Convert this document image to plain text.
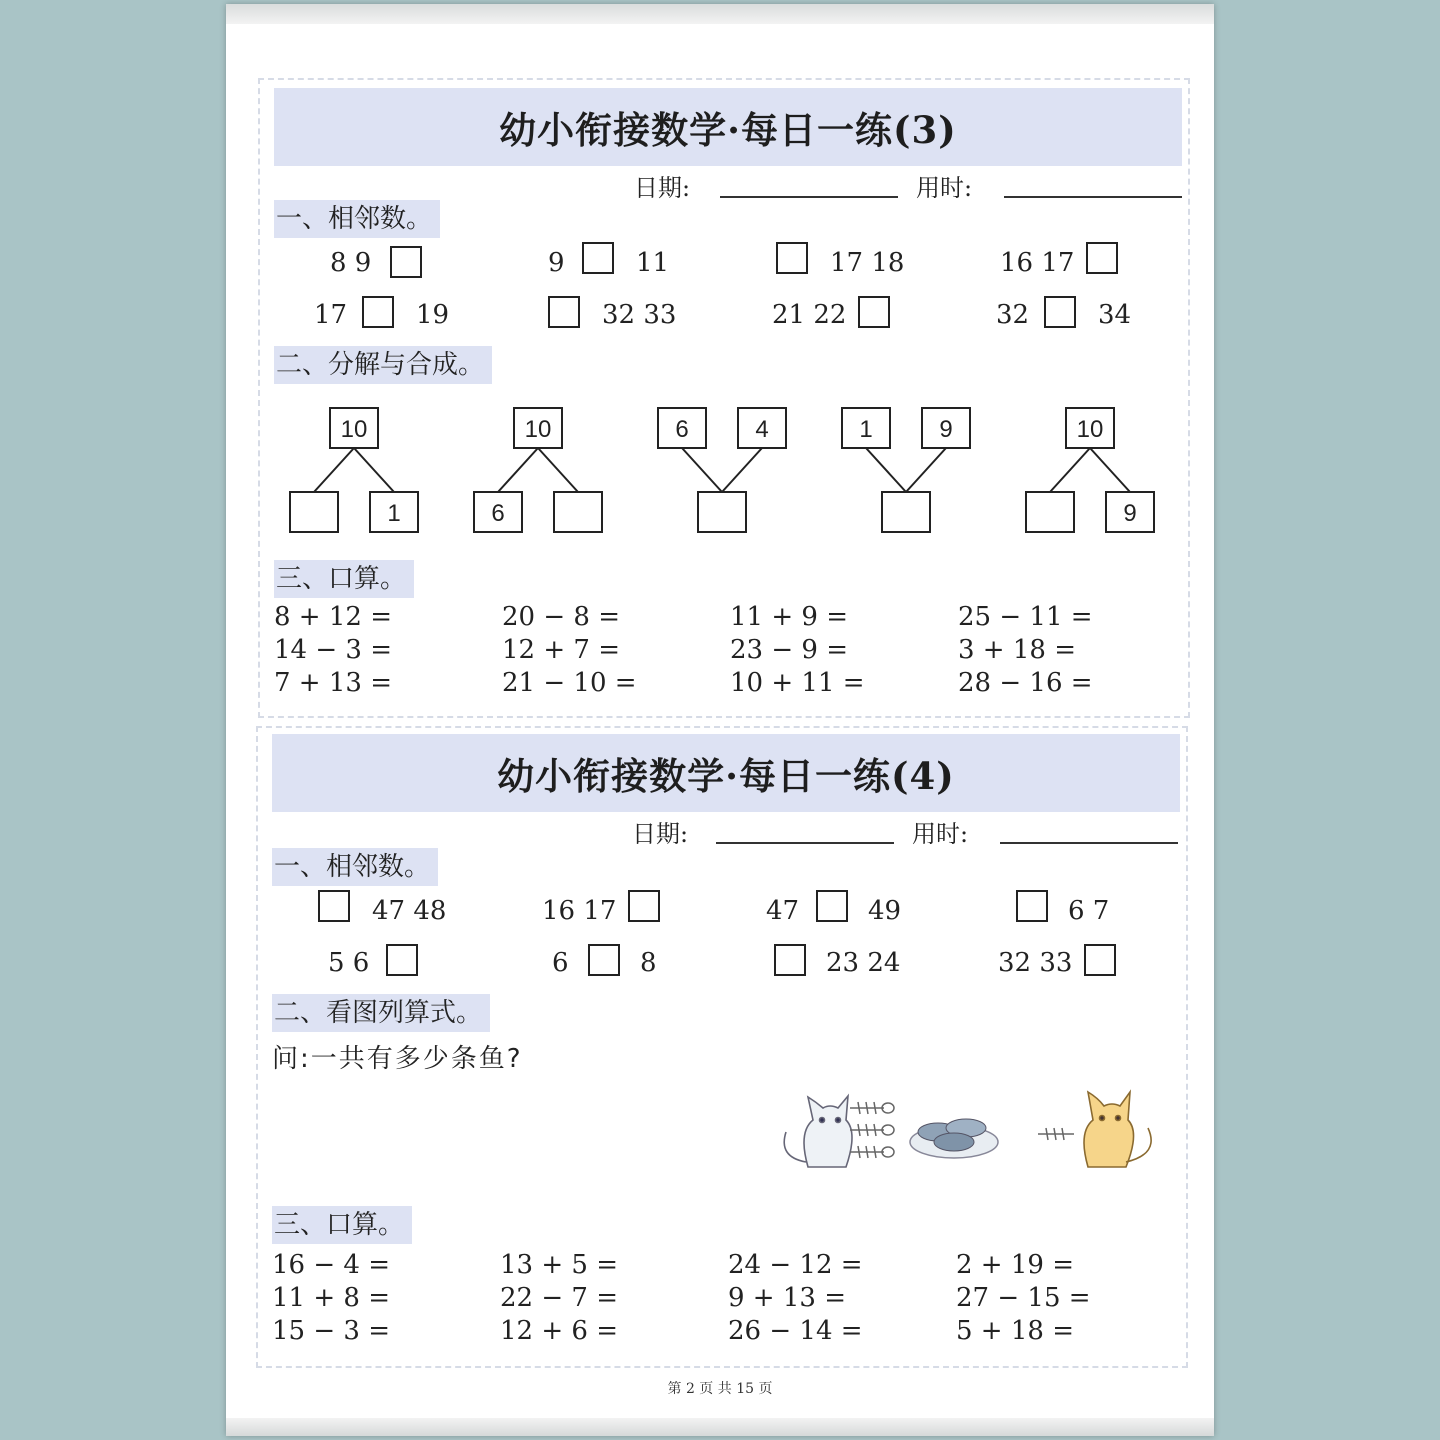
幼小衔接数学·每日一练(3)
日期:	用时:
一、相邻数。
8 9	9	11	17 18	16 17
17	19	32 33	21 22	32	34
二、分解与合成。
10
1
10
6
6	4	1	9	10
9
三、口算。
8 + 12 =	20 − 8 =	11 + 9 =	25 − 11 =
14 − 3 =	12 + 7 =	23 − 9 =	3 + 18 =
7 + 13 =	21 − 10 =	10 + 11 =	28 − 16 =
幼小衔接数学·每日一练(4)
日期:	用时:
一、相邻数。
47 48	16 17	47	49	6 7
5 6	6	8	23 24	32 33
二、看图列算式。
问:一共有多少条鱼?
三、口算。
16 − 4 =	13 + 5 =	24 − 12 =	2 + 19 =
11 + 8 =	22 − 7 =	9 + 13 =	27 − 15 =
15 − 3 =	12 + 6 =	26 − 14 =	5 + 18 =
第 2 页 共 15 页
